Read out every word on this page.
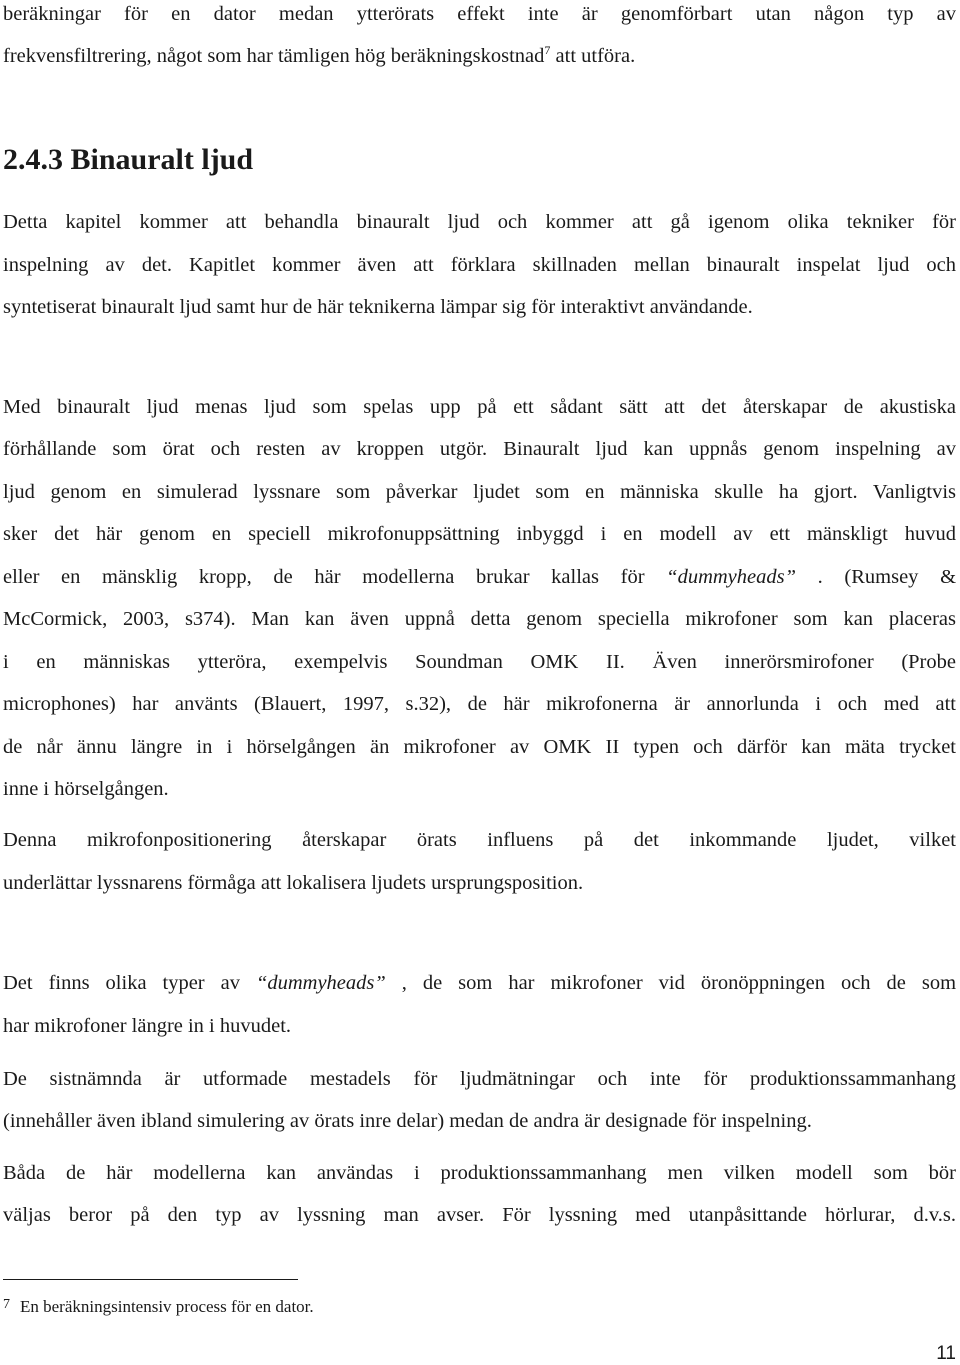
beräkningar för en dator medan ytterörats effekt inte är genomförbart utan någon typ av
frekvensfiltrering, något som har tämligen hög beräkningskostnad$^7$ att utföra.
2.4.3 Binauralt ljud
Detta kapitel kommer att behandla binauralt ljud och kommer att gå igenom olika tekniker för
inspelning av det. Kapitlet kommer även att förklara skillnaden mellan binauralt inspelat ljud och
syntetiserat binauralt ljud samt hur de här teknikerna lämpar sig för interaktivt användande.
Med binauralt ljud menas ljud som spelas upp på ett sådant sätt att det återskapar de akustiska
förhållande som örat och resten av kroppen utgör. Binauralt ljud kan uppnås genom inspelning av
ljud genom en simulerad lyssnare som påverkar ljudet som en människa skulle ha gjort. Vanligtvis
sker det här genom en speciell mikrofonuppsättning inbyggd i en modell av ett mänskligt huvud
eller en mänsklig kropp, de här modellerna brukar kallas för “dummyheads” . (Rumsey &
McCormick, 2003, s374). Man kan även uppnå detta genom speciella mikrofoner som kan placeras
i en människas ytteröra, exempelvis Soundman OMK II. Även innerörsmirofoner (Probe
microphones) har använts (Blauert, 1997, s.32), de här mikrofonerna är annorlunda i och med att
de når ännu längre in i hörselgången än mikrofoner av OMK II typen och därför kan mäta trycket
inne i hörselgången.
Denna mikrofonpositionering återskapar örats influens på det inkommande ljudet, vilket
underlättar lyssnarens förmåga att lokalisera ljudets ursprungsposition.
Det finns olika typer av “dummyheads” , de som har mikrofoner vid öronöppningen och de som
har mikrofoner längre in i huvudet.
De sistnämnda är utformade mestadels för ljudmätningar och inte för produktionssammanhang
(innehåller även ibland simulering av örats inre delar) medan de andra är designade för inspelning.
Båda de här modellerna kan användas i produktionssammanhang men vilken modell som bör
väljas beror på den typ av lyssning man avser. För lyssning med utanpåsittande hörlurar, d.v.s.
$^7$ En beräkningsintensiv process för en dator.
11
